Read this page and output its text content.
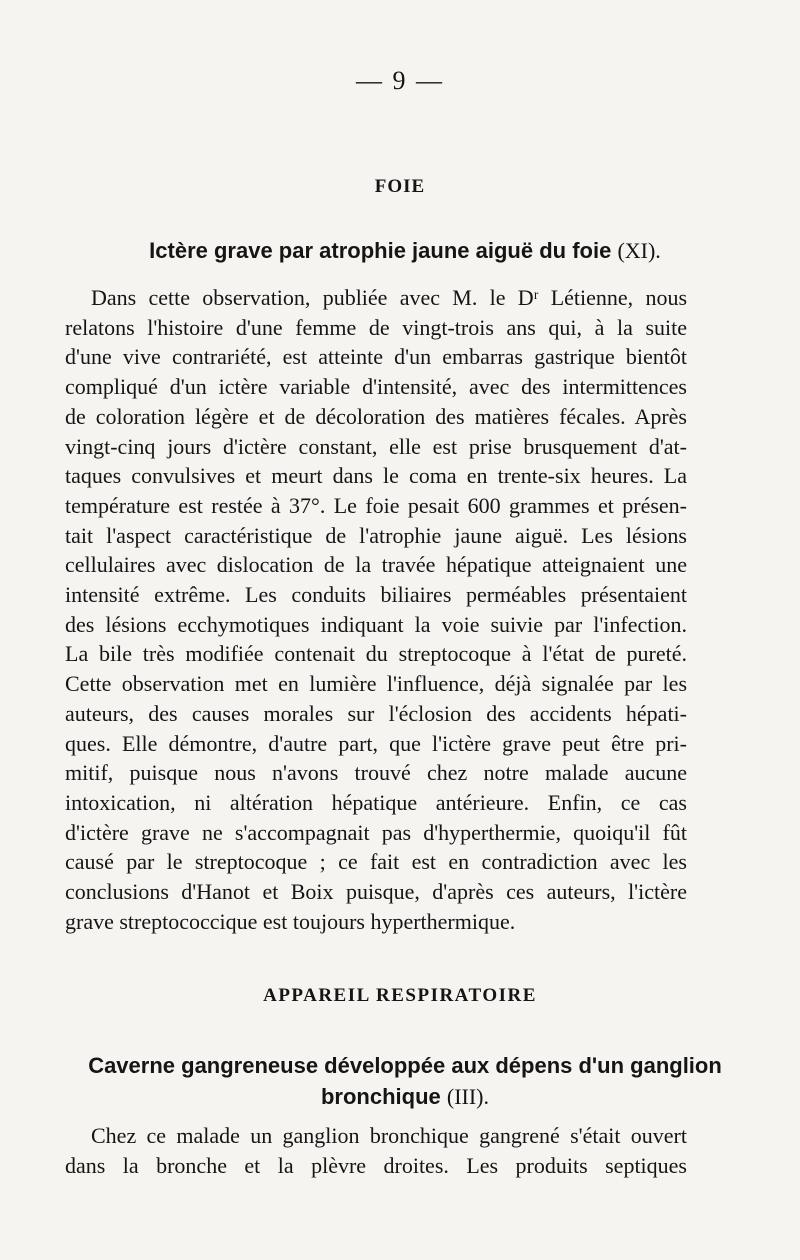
— 9 —
FOIE
Ictère grave par atrophie jaune aiguë du foie (XI).
Dans cette observation, publiée avec M. le Dʳ Létienne, nous
relatons l'histoire d'une femme de vingt-trois ans qui, à la suite
d'une vive contrariété, est atteinte d'un embarras gastrique bientôt
compliqué d'un ictère variable d'intensité, avec des intermittences
de coloration légère et de décoloration des matières fécales. Après
vingt-cinq jours d'ictère constant, elle est prise brusquement d'at-
taques convulsives et meurt dans le coma en trente-six heures. La
température est restée à 37°. Le foie pesait 600 grammes et présen-
tait l'aspect caractéristique de l'atrophie jaune aiguë. Les lésions
cellulaires avec dislocation de la travée hépatique atteignaient une
intensité extrême. Les conduits biliaires perméables présentaient
des lésions ecchymotiques indiquant la voie suivie par l'infection.
La bile très modifiée contenait du streptocoque à l'état de pureté.
Cette observation met en lumière l'influence, déjà signalée par les
auteurs, des causes morales sur l'éclosion des accidents hépati-
ques. Elle démontre, d'autre part, que l'ictère grave peut être pri-
mitif, puisque nous n'avons trouvé chez notre malade aucune
intoxication, ni altération hépatique antérieure. Enfin, ce cas
d'ictère grave ne s'accompagnait pas d'hyperthermie, quoiqu'il fût
causé par le streptocoque ; ce fait est en contradiction avec les
conclusions d'Hanot et Boix puisque, d'après ces auteurs, l'ictère
grave streptococcique est toujours hyperthermique.
APPAREIL RESPIRATOIRE
Caverne gangreneuse développée aux dépens d'un ganglion bronchique (III).
Chez ce malade un ganglion bronchique gangrené s'était ouvert
dans la bronche et la plèvre droites. Les produits septiques
